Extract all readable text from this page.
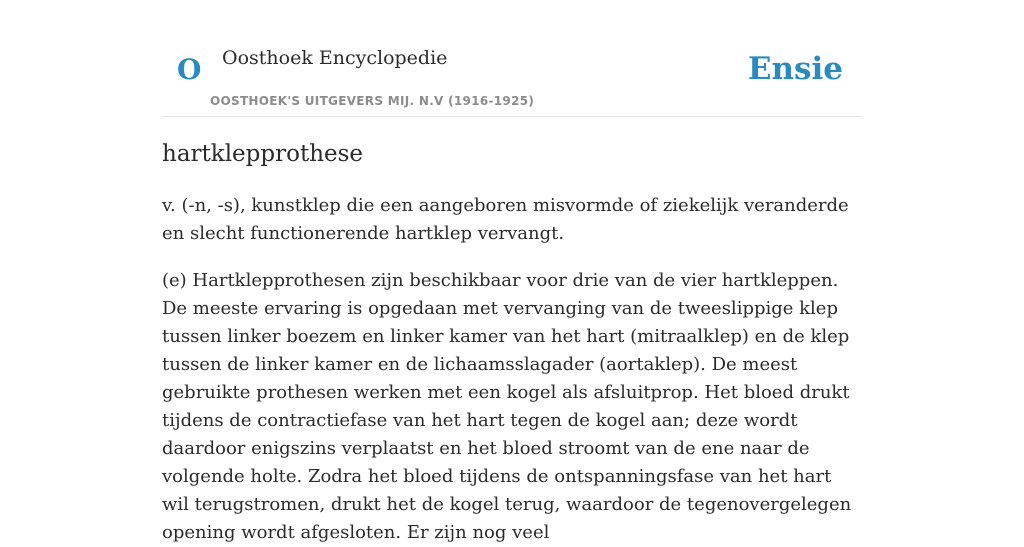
O Oosthoek Encyclopedie
OOSTHOEK'S UITGEVERS MIJ. N.V (1916-1925)
Ensie
hartklepprothese

v. (-n, -s), kunstklep die een aangeboren misvormde of ziekelijk veranderde en slecht functionerende hartklep vervangt.

(e) Hartklepprothesen zijn beschikbaar voor drie van de vier hartkleppen. De meeste ervaring is opgedaan met vervanging van de tweeslippige klep tussen linker boezem en linker kamer van het hart (mitraalklep) en de klep tussen de linker kamer en de lichaamsslagader (aortaklep). De meest gebruikte prothesen werken met een kogel als afsluitprop. Het bloed drukt tijdens de contractiefase van het hart tegen de kogel aan; deze wordt daardoor enigszins verplaatst en het bloed stroomt van de ene naar de volgende holte. Zodra het bloed tijdens de ontspanningsfase van het hart wil terugstromen, drukt het de kogel terug, waardoor de tegenovergelegen opening wordt afgesloten. Er zijn nog veel
